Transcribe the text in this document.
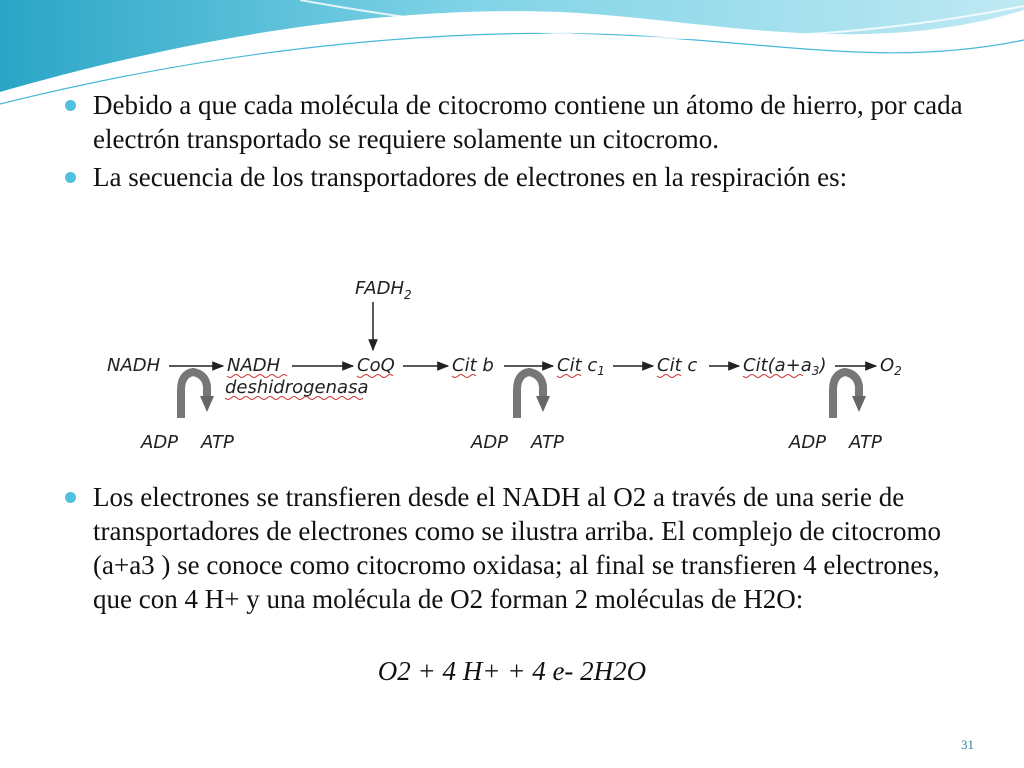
Debido a que cada molécula de citocromo contiene un átomo de hierro, por cada electrón transportado se requiere solamente un citocromo.
La secuencia de los transportadores de electrones en la respiración es:
$FADH_2$
NADH	NADH
deshidrogenasa
CoQ	Cit b	Cit $c_1$	Cit c	$Cit(a+a_3)$	$O_2$
ADP ATP	ADP ATP	ADP ATP
Los electrones se transfieren desde el NADH al O2 a través de una serie de transportadores de electrones como se ilustra arriba. El complejo de citocromo (a+a3 ) se conoce como citocromo oxidasa; al final se transfieren 4 electrones, que con 4 H+ y una molécula de O2 forman 2 moléculas de H2O:
O2 + 4 H+ + 4 e- 2H2O
31
